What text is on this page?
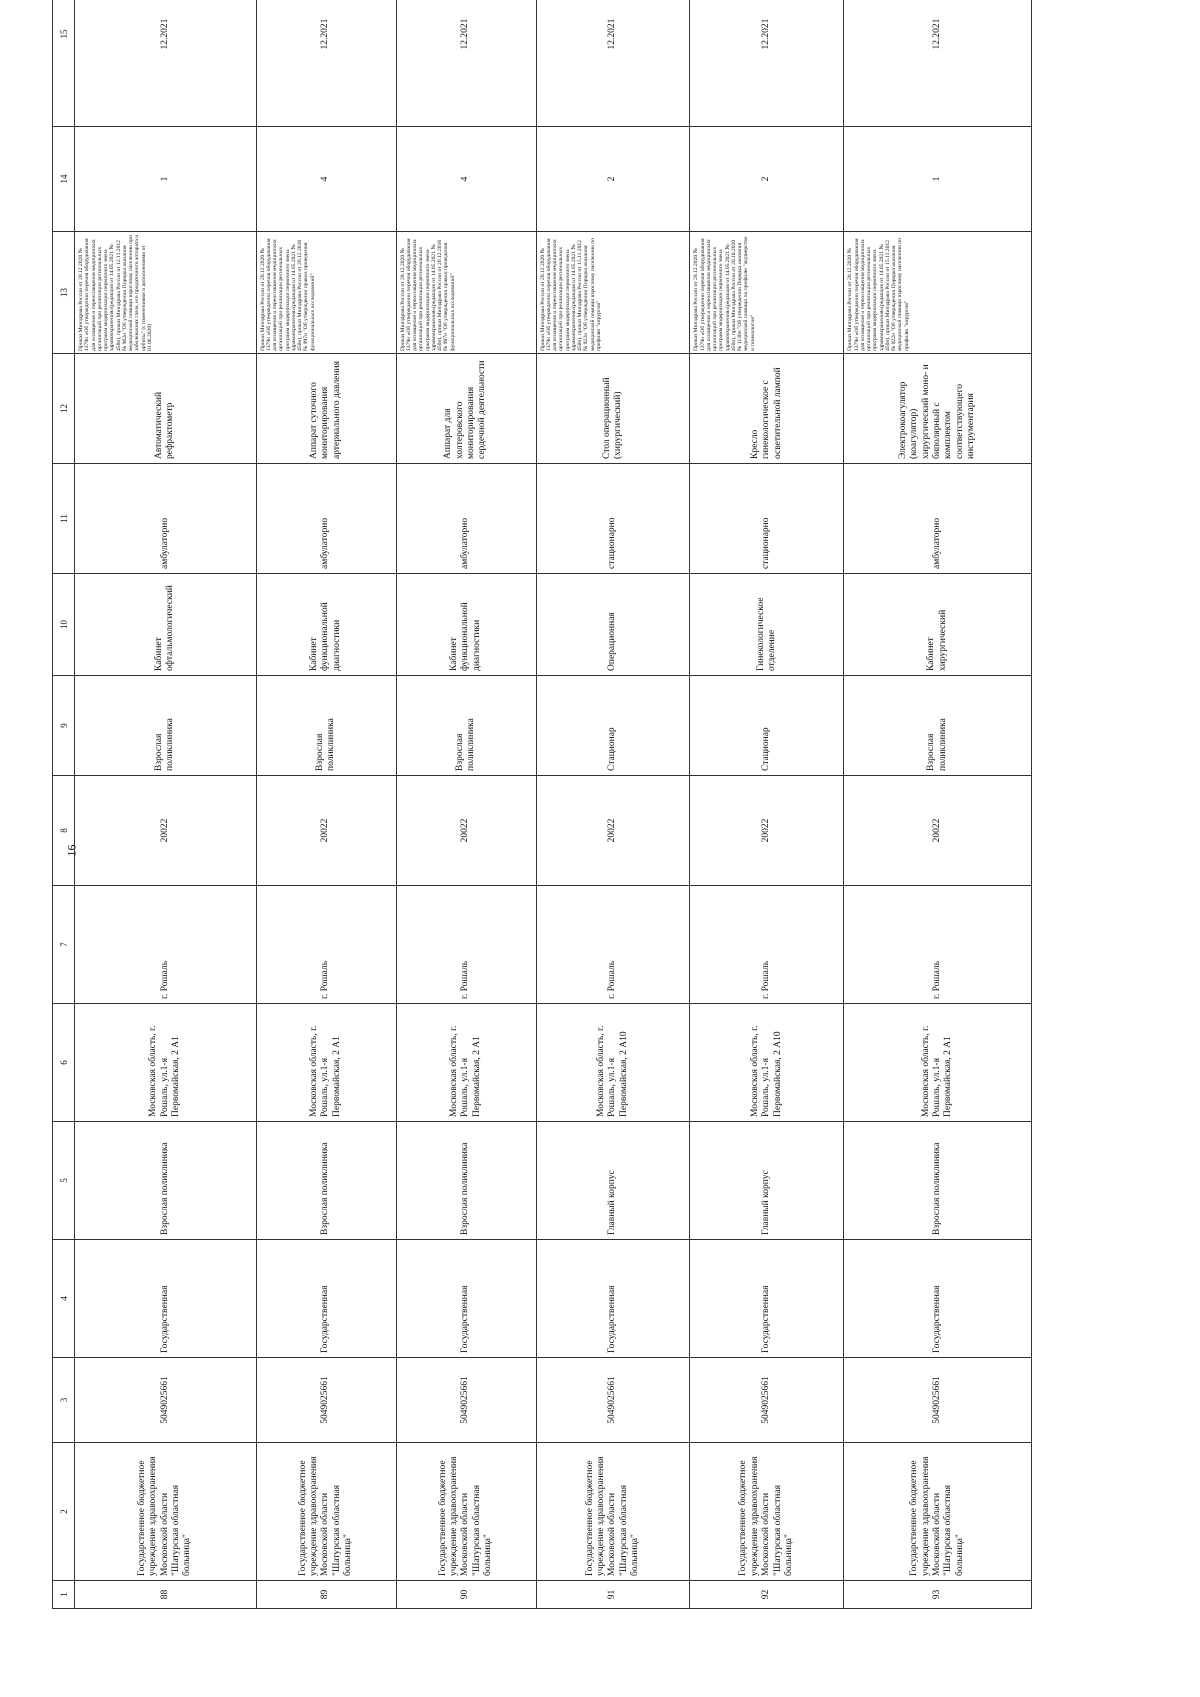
16
1	2	3	4	5	6	7	8	9	10	11	12	13	14	15
88	Государственное бюджетное учреждение здравоохранения Московской области "Шатурская областная больница"	5049025661	Государственная	Взрослая поликлиника	Московская область, г. Рошаль, ул.1-я Первомайская, 2 А1	г. Рошаль	20022	Взрослая поликлиника	Кабинет офтальмологический	амбулаторно	Автоматический рефрактометр	Приказ Минздрава России от 28.12.2020 № 1379н «Об утверждении перечня оборудования для оснащения и переоснащения медицинских организаций при реализации региональных программ модернизации первичного звена здравоохранения»(редакция от 14.05.2021 № 450н), приказ Минздрава России от 12.11.2012 № 902н "Об утверждении Порядка оказания медицинской помощи взрослому населению при заболеваниях глаза, его придаточного аппарата и орбиты" (с изменениями и дополнениями от 01.06.2020)	1	12.2021
89	Государственное бюджетное учреждение здравоохранения Московской области "Шатурская областная больница"	5049025661	Государственная	Взрослая поликлиника	Московская область, г. Рошаль, ул.1-я Первомайская, 2 А1	г. Рошаль	20022	Взрослая поликлиника	Кабинет функциональной диагностики	амбулаторно	Аппарат суточного мониторирования артериального давления	Приказ Минздрава России от 28.12.2020 № 1379н «Об утверждении перечня оборудования для оснащения и переоснащения медицинских организаций при реализации региональных программ модернизации первичного звена здравоохранения»(редакция от 14.05.2021 № 450н), приказ Минздрава России от 26.12.2016 № 997н "Об утверждении правил проведения функциональных исследований"	4	12.2021
90	Государственное бюджетное учреждение здравоохранения Московской области "Шатурская областная больница"	5049025661	Государственная	Взрослая поликлиника	Московская область, г. Рошаль, ул.1-я Первомайская, 2 А1	г. Рошаль	20022	Взрослая поликлиника	Кабинет функциональной диагностики	амбулаторно	Аппарат для холтеровского мониторирования сердечной деятельности	Приказ Минздрава России от 28.12.2020 № 1379н «Об утверждении перечня оборудования для оснащения и переоснащения медицинских организаций при реализации региональных программ модернизации первичного звена здравоохранения»(редакция от 14.05.2021 № 450н), приказ Минздрава России от 26.12.2016 № 997н "Об утверждении правил проведения функциональных исследований"	4	12.2021
91	Государственное бюджетное учреждение здравоохранения Московской области "Шатурская областная больница"	5049025661	Государственная	Главный корпус	Московская область, г. Рошаль, ул.1-я Первомайская, 2 А10	г. Рошаль	20022	Стационар	Операционная	стационарно	Стол операционный (хирургический)	Приказ Минздрава России от 28.12.2020 № 1379н «Об утверждении перечня оборудования для оснащения и переоснащения медицинских организаций при реализации региональных программ модернизации первичного звена здравоохранения»(редакция от 14.05.2021 № 450н), приказ Минздрава России от 15.11.2012 № 922н "Об утверждении Порядка оказания медицинской помощи взрослому населению по профилю "хирургия"	2	12.2021
92	Государственное бюджетное учреждение здравоохранения Московской области "Шатурская областная больница"	5049025661	Государственная	Главный корпус	Московская область, г. Рошаль, ул.1-я Первомайская, 2 А10	г. Рошаль	20022	Стационар	Гинекологическое отделение	стационарно	Кресло гинекологическое с осветительной лампой	Приказ Минздрава России от 28.12.2020 № 1379н «Об утверждении перечня оборудования для оснащения и переоснащения медицинских организаций при реализации региональных программ модернизации первичного звена здравоохранения»(редакция от 14.05.2021 № 450н), приказ Минздрава России от 20.10.2020 № 1130н "Об утверждении Порядка оказания медицинской помощи по профилю "акушерство и гинекология"	2	12.2021
93	Государственное бюджетное учреждение здравоохранения Московской области "Шатурская областная больница"	5049025661	Государственная	Взрослая поликлиника	Московская область, г. Рошаль, ул.1-я Первомайская, 2 А1	г. Рошаль	20022	Взрослая поликлиника	Кабинет хирургический	амбулаторно	Электрокоагулятор (коагулятор) хирургический моно- и биполярный с комплектом соответствующего инструментария	Приказ Минздрава России от 28.12.2020 № 1379н «Об утверждении перечня оборудования для оснащения и переоснащения медицинских организаций при реализации региональных программ модернизации первичного звена здравоохранения»(редакция от 14.05.2021 № 450н), приказ Минздрава России от 15.11.2012 № 922н "Об утверждении Порядка оказания медицинской помощи взрослому населению по профилю "хирургия"	1	12.2021
